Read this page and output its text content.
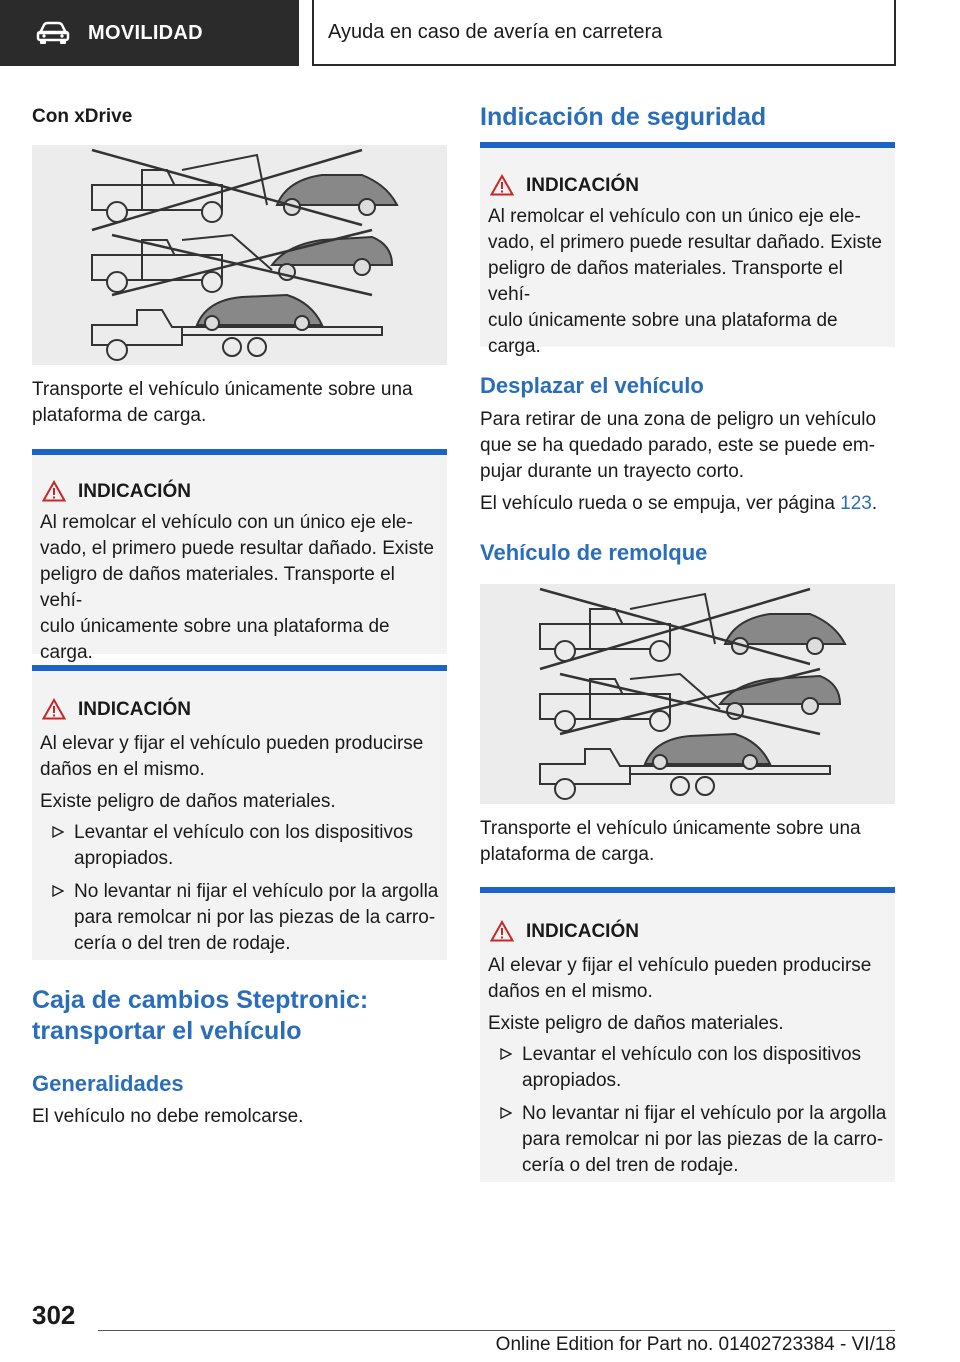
MOVILIDAD	Ayuda en caso de avería en carretera
Con xDrive
Transporte el vehículo únicamente sobre una
plataforma de carga.
INDICACIÓN
Al remolcar el vehículo con un único eje ele-
vado, el primero puede resultar dañado. Existe
peligro de daños materiales. Transporte el vehí-
culo únicamente sobre una plataforma de
carga.
INDICACIÓN
Al elevar y fijar el vehículo pueden producirse
daños en el mismo.
Existe peligro de daños materiales.
Levantar el vehículo con los dispositivos
apropiados.
No levantar ni fijar el vehículo por la argolla
para remolcar ni por las piezas de la carro-
cería o del tren de rodaje.
Caja de cambios Steptronic:
transportar el vehículo
Generalidades
El vehículo no debe remolcarse.
Indicación de seguridad
INDICACIÓN
Al remolcar el vehículo con un único eje ele-
vado, el primero puede resultar dañado. Existe
peligro de daños materiales. Transporte el vehí-
culo únicamente sobre una plataforma de
carga.
Desplazar el vehículo
Para retirar de una zona de peligro un vehículo
que se ha quedado parado, este se puede em-
pujar durante un trayecto corto.
El vehículo rueda o se empuja, ver página 123.
Vehículo de remolque
Transporte el vehículo únicamente sobre una
plataforma de carga.
INDICACIÓN
Al elevar y fijar el vehículo pueden producirse
daños en el mismo.
Existe peligro de daños materiales.
Levantar el vehículo con los dispositivos
apropiados.
No levantar ni fijar el vehículo por la argolla
para remolcar ni por las piezas de la carro-
cería o del tren de rodaje.
302
Online Edition for Part no. 01402723384 - VI/18
